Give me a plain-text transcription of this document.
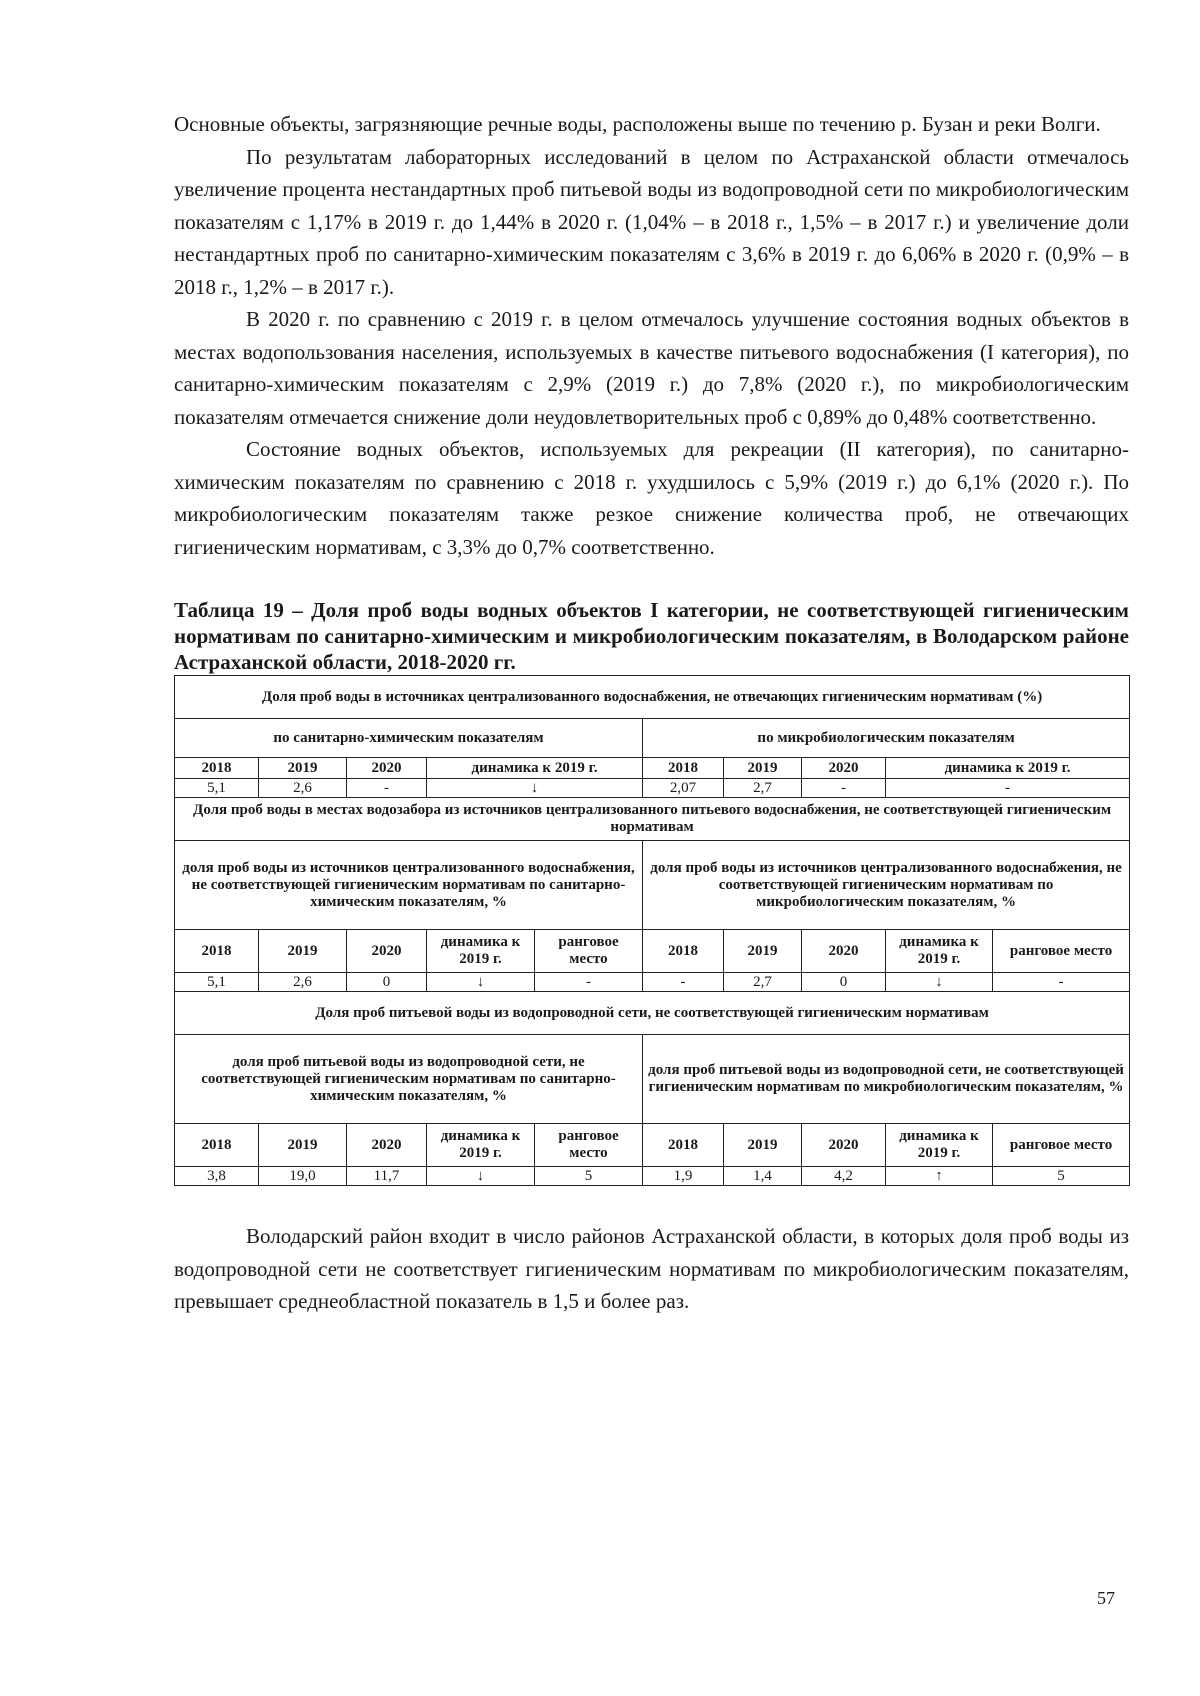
Основные объекты, загрязняющие речные воды, расположены выше по течению р. Бузан и реки Волги.

По результатам лабораторных исследований в целом по Астраханской области отмечалось увеличение процента нестандартных проб питьевой воды из водопроводной сети по микробиологическим показателям с 1,17% в 2019 г. до 1,44% в 2020 г. (1,04% – в 2018 г., 1,5% – в 2017 г.) и увеличение доли нестандартных проб по санитарно-химическим показателям с 3,6% в 2019 г. до 6,06% в 2020 г. (0,9% – в 2018 г., 1,2% – в 2017 г.).

В 2020 г. по сравнению с 2019 г. в целом отмечалось улучшение состояния водных объектов в местах водопользования населения, используемых в качестве питьевого водоснабжения (I категория), по санитарно-химическим показателям с 2,9% (2019 г.) до 7,8% (2020 г.), по микробиологическим показателям отмечается снижение доли неудовлетворительных проб с 0,89% до 0,48% соответственно.

Состояние водных объектов, используемых для рекреации (II категория), по санитарно-химическим показателям по сравнению с 2018 г. ухудшилось с 5,9% (2019 г.) до 6,1% (2020 г.). По микробиологическим показателям также резкое снижение количества проб, не отвечающих гигиеническим нормативам, с 3,3% до 0,7% соответственно.

Таблица 19 – Доля проб воды водных объектов I категории, не соответствующей гигиеническим нормативам по санитарно-химическим и микробиологическим показателям, в Володарском районе Астраханской области, 2018-2020 гг.

Доля проб воды в источниках централизованного водоснабжения, не отвечающих гигиеническим нормативам (%)									
по санитарно-химическим показателям					по микробиологическим показателям				
2018	2019	2020	динамика к 2019 г.		2018	2019	2020	динамика к 2019 г.	
5,1	2,6	-	↓		2,07	2,7	-	-	
Доля проб воды в местах водозабора из источников централизованного питьевого водоснабжения, не соответствующей гигиеническим нормативам									
доля проб воды из источников централизованного водоснабжения, не соответствующей гигиеническим нормативам по санитарно-химическим показателям, %					доля проб воды из источников централизованного водоснабжения, не соответствующей гигиеническим нормативам по микробиологическим показателям, %				
2018	2019	2020	динамика к 2019 г.	ранговое место	2018	2019	2020	динамика к 2019 г.	ранговое место
5,1	2,6	0	↓	-	-	2,7	0	↓	-
Доля проб питьевой воды из водопроводной сети, не соответствующей гигиеническим нормативам									
доля проб питьевой воды из водопроводной сети, не соответствующей гигиеническим нормативам по санитарно-химическим показателям, %					доля проб питьевой воды из водопроводной сети, не соответствующей гигиеническим нормативам по микробиологическим показателям, %				
2018	2019	2020	динамика к 2019 г.	ранговое место	2018	2019	2020	динамика к 2019 г.	ранговое место
3,8	19,0	11,7	↓	5	1,9	1,4	4,2	↑	5

Володарский район входит в число районов Астраханской области, в которых доля проб воды из водопроводной сети не соответствует гигиеническим нормативам по микробиологическим показателям, превышает среднеобластной показатель в 1,5 и более раз.

57
